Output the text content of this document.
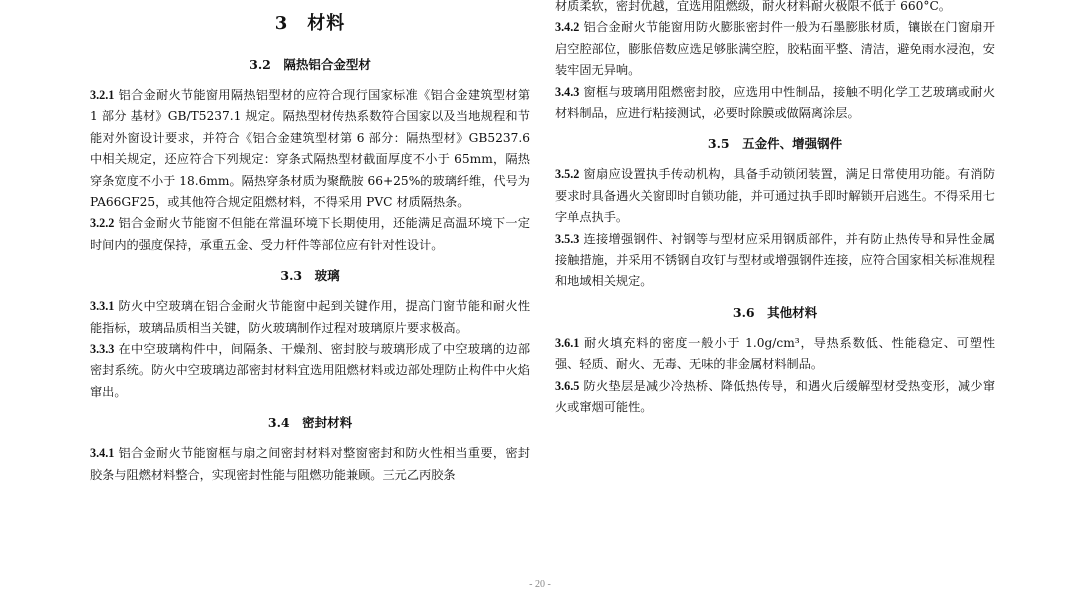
3　材料
3.2　隔热铝合金型材

3.2.1 铝合金耐火节能窗用隔热铝型材的应符合现行国家标准《铝合金建筑型材第 1 部分 基材》GB/T5237.1 规定。隔热型材传热系数符合国家以及当地规程和节能对外窗设计要求，并符合《铝合金建筑型材第 6 部分：隔热型材》GB5237.6 中相关规定，还应符合下列规定：穿条式隔热型材截面厚度不小于 65mm，隔热穿条宽度不小于 18.6mm。隔热穿条材质为聚酰胺 66+25%的玻璃纤维，代号为 PA66GF25，或其他符合规定阻燃材料，不得采用 PVC 材质隔热条。

3.2.2 铝合金耐火节能窗不但能在常温环境下长期使用，还能满足高温环境下一定时间内的强度保持，承重五金、受力杆件等部位应有针对性设计。

3.3　玻璃

3.3.1 防火中空玻璃在铝合金耐火节能窗中起到关键作用，提高门窗节能和耐火性能指标，玻璃品质相当关键，防火玻璃制作过程对玻璃原片要求极高。

3.3.3 在中空玻璃构件中，间隔条、干燥剂、密封胶与玻璃形成了中空玻璃的边部密封系统。防火中空玻璃边部密封材料宜选用阻燃材料或边部处理防止构件中火焰窜出。

3.4　密封材料

3.4.1 铝合金耐火节能窗框与扇之间密封材料对整窗密封和防火性相当重要，密封胶条与阻燃材料整合，实现密封性能与阻燃功能兼顾。三元乙丙胶条

材质柔软，密封优越，宜选用阻燃级，耐火材料耐火极限不低于 660°C。

3.4.2 铝合金耐火节能窗用防火膨胀密封件一般为石墨膨胀材质，镶嵌在门窗扇开启空腔部位，膨胀倍数应选足够胀满空腔，胶粘面平整、清洁，避免雨水浸泡，安装牢固无异响。

3.4.3 窗框与玻璃用阻燃密封胶，应选用中性制品，接触不明化学工艺玻璃或耐火材料制品，应进行粘接测试，必要时除膜或做隔离涂层。

3.5　五金件、增强钢件

3.5.2 窗扇应设置执手传动机构，具备手动锁闭装置，满足日常使用功能。有消防要求时具备遇火关窗即时自锁功能，并可通过执手即时解锁开启逃生。不得采用七字单点执手。

3.5.3 连接增强钢件、衬钢等与型材应采用钢质部件，并有防止热传导和异性金属接触措施，并采用不锈钢自攻钉与型材或增强钢件连接，应符合国家相关标准规程和地域相关规定。

3.6　其他材料

3.6.1 耐火填充料的密度一般小于 1.0g/cm³，导热系数低、性能稳定、可塑性强、轻质、耐火、无毒、无味的非金属材料制品。

3.6.5 防火垫层是减少冷热桥、降低热传导，和遇火后缓解型材受热变形，减少窜火或窜烟可能性。

- 20 -
